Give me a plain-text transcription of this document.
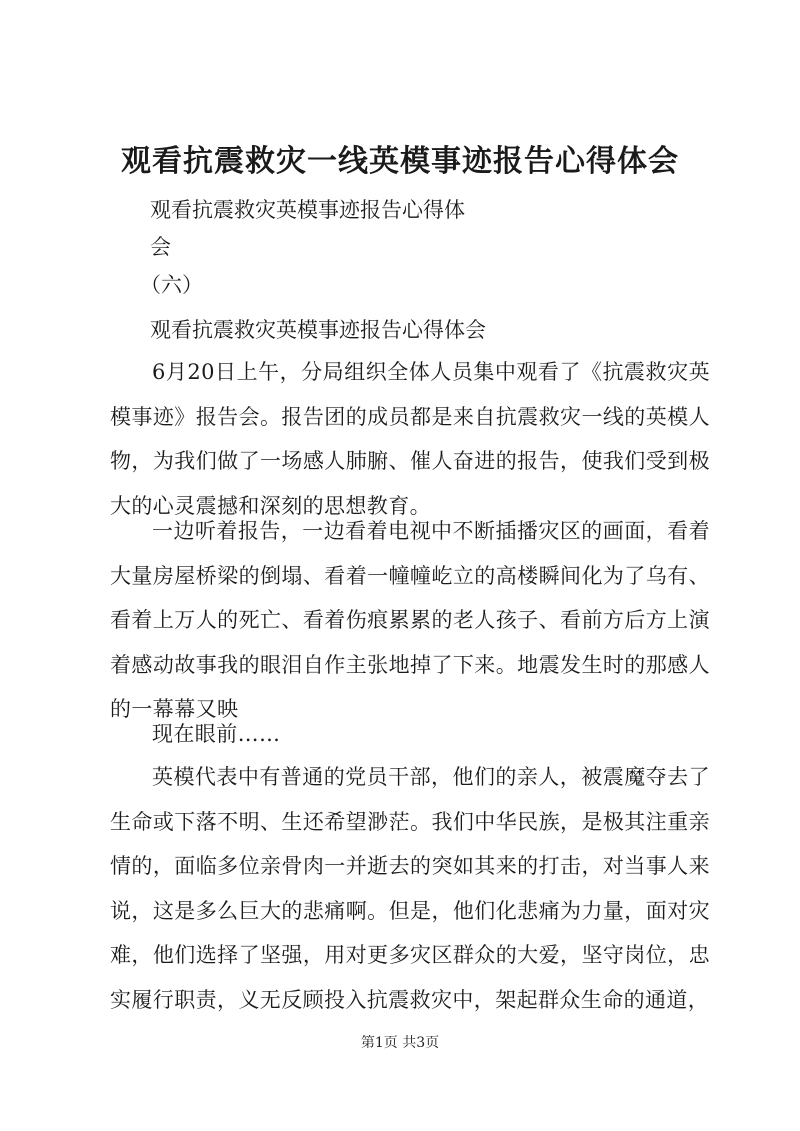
观看抗震救灾一线英模事迹报告心得体会
观看抗震救灾英模事迹报告心得体
会
（六）
观看抗震救灾英模事迹报告心得体会
6月20日上午，分局组织全体人员集中观看了《抗震救灾英模事迹》报告会。报告团的成员都是来自抗震救灾一线的英模人物，为我们做了一场感人肺腑、催人奋进的报告，使我们受到极大的心灵震撼和深刻的思想教育。
一边听着报告，一边看着电视中不断插播灾区的画面，看着大量房屋桥梁的倒塌、看着一幢幢屹立的高楼瞬间化为了乌有、看着上万人的死亡、看着伤痕累累的老人孩子、看前方后方上演着感动故事我的眼泪自作主张地掉了下来。地震发生时的那感人的一幕幕又映
现在眼前……
英模代表中有普通的党员干部，他们的亲人，被震魔夺去了生命或下落不明、生还希望渺茫。我们中华民族，是极其注重亲情的，面临多位亲骨肉一并逝去的突如其来的打击，对当事人来说，这是多么巨大的悲痛啊。但是，他们化悲痛为力量，面对灾难，他们选择了坚强，用对更多灾区群众的大爱，坚守岗位，忠实履行职责，义无反顾投入抗震救灾中，架起群众生命的通道，
第1页 共3页
